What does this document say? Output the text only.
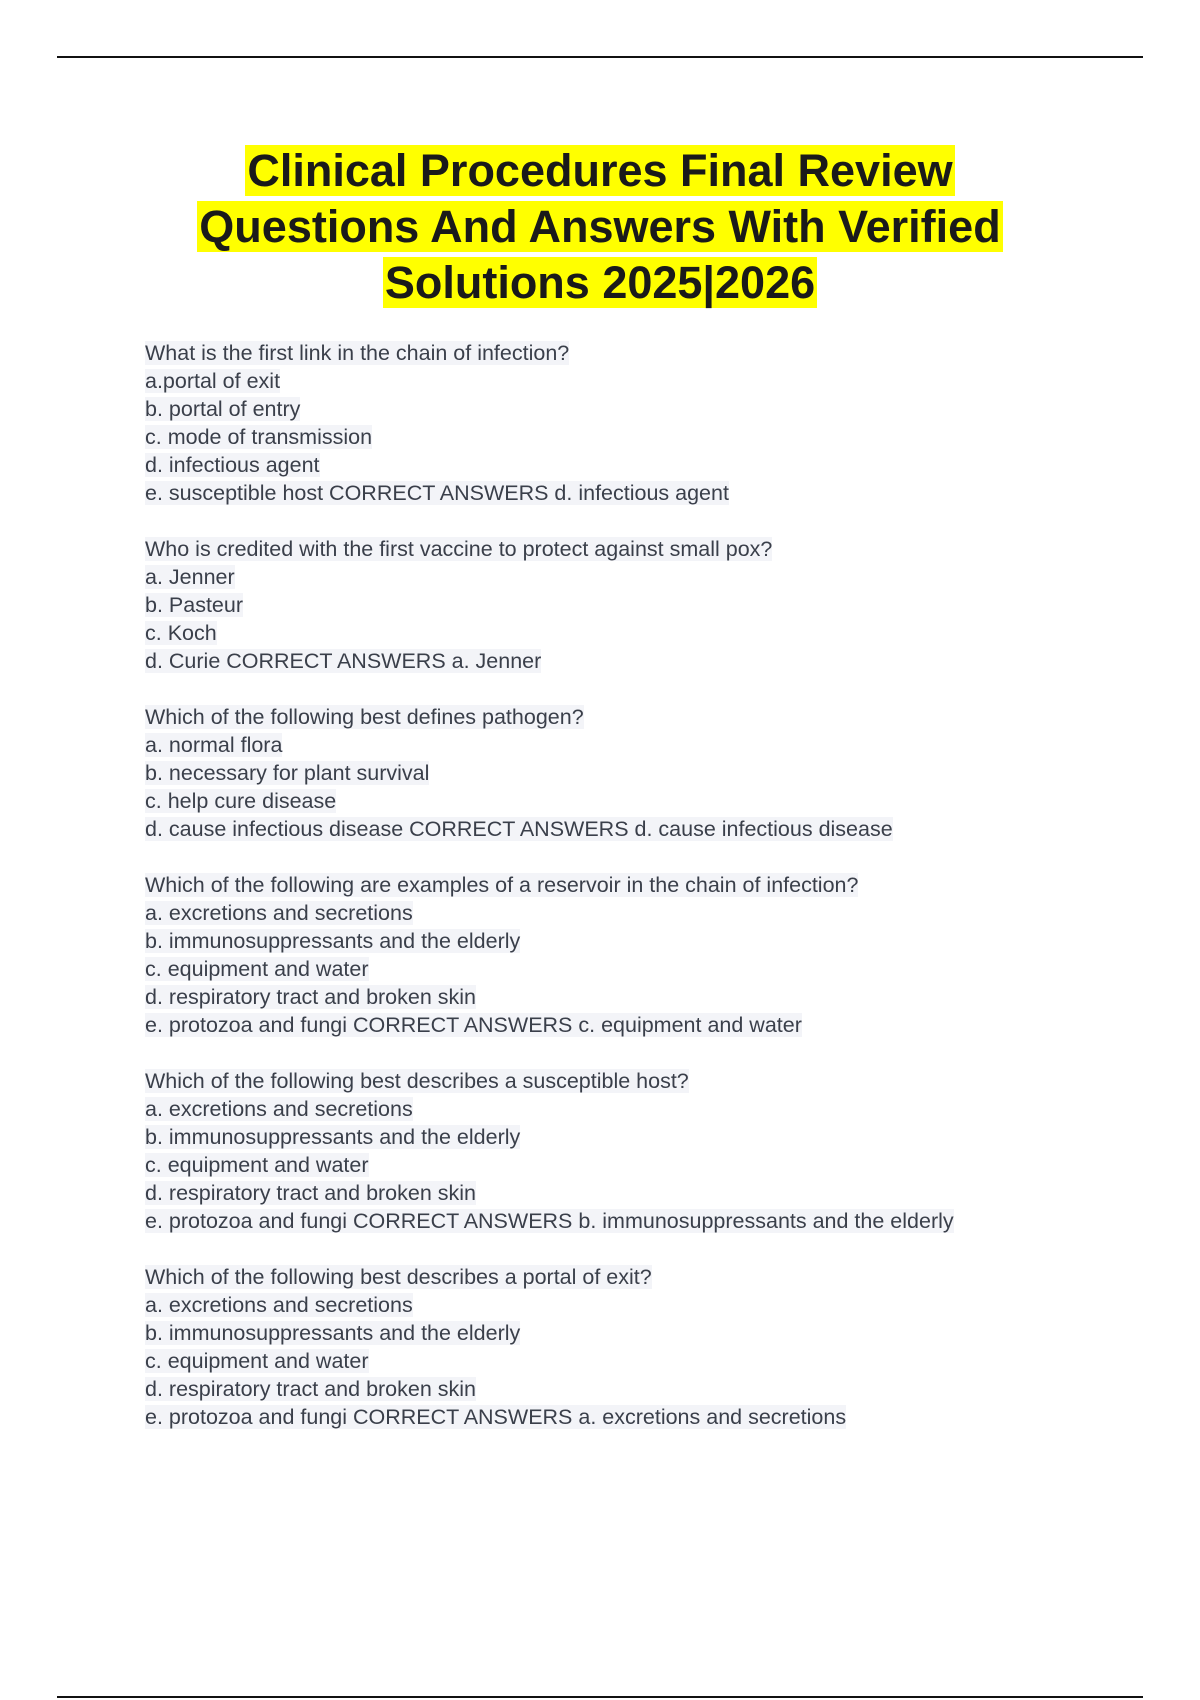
Clinical Procedures Final Review
Questions And Answers With Verified
Solutions 2025|2026
What is the first link in the chain of infection?
a.portal of exit
b. portal of entry
c. mode of transmission
d. infectious agent
e. susceptible host CORRECT ANSWERS d. infectious agent
Who is credited with the first vaccine to protect against small pox?
a. Jenner
b. Pasteur
c. Koch
d. Curie CORRECT ANSWERS a. Jenner
Which of the following best defines pathogen?
a. normal flora
b. necessary for plant survival
c. help cure disease
d. cause infectious disease CORRECT ANSWERS d. cause infectious disease
Which of the following are examples of a reservoir in the chain of infection?
a. excretions and secretions
b. immunosuppressants and the elderly
c. equipment and water
d. respiratory tract and broken skin
e. protozoa and fungi CORRECT ANSWERS c. equipment and water
Which of the following best describes a susceptible host?
a. excretions and secretions
b. immunosuppressants and the elderly
c. equipment and water
d. respiratory tract and broken skin
e. protozoa and fungi CORRECT ANSWERS b. immunosuppressants and the elderly
Which of the following best describes a portal of exit?
a. excretions and secretions
b. immunosuppressants and the elderly
c. equipment and water
d. respiratory tract and broken skin
e. protozoa and fungi CORRECT ANSWERS a. excretions and secretions
